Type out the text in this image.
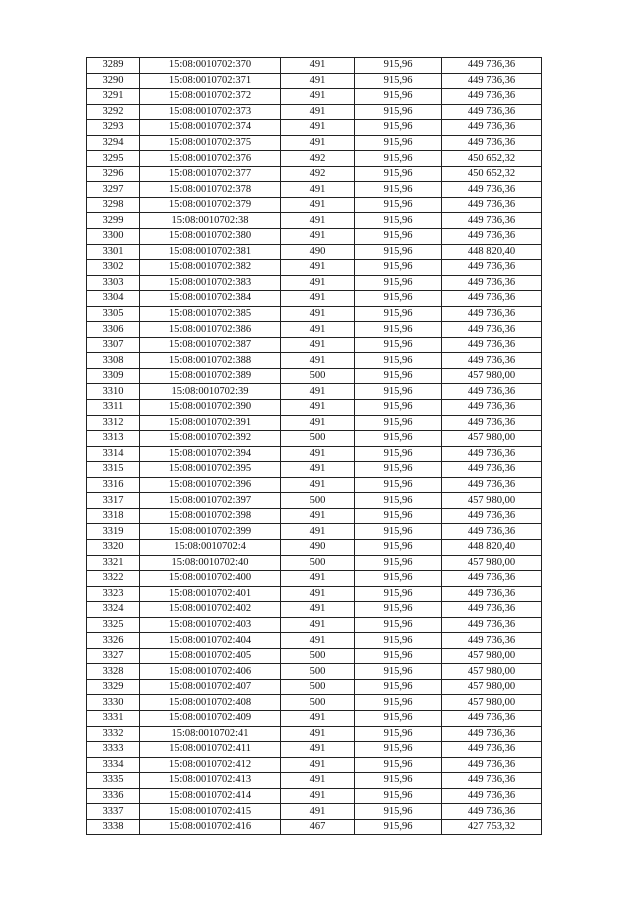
3289	15:08:0010702:370	491	915,96	449 736,36
3290	15:08:0010702:371	491	915,96	449 736,36
3291	15:08:0010702:372	491	915,96	449 736,36
3292	15:08:0010702:373	491	915,96	449 736,36
3293	15:08:0010702:374	491	915,96	449 736,36
3294	15:08:0010702:375	491	915,96	449 736,36
3295	15:08:0010702:376	492	915,96	450 652,32
3296	15:08:0010702:377	492	915,96	450 652,32
3297	15:08:0010702:378	491	915,96	449 736,36
3298	15:08:0010702:379	491	915,96	449 736,36
3299	15:08:0010702:38	491	915,96	449 736,36
3300	15:08:0010702:380	491	915,96	449 736,36
3301	15:08:0010702:381	490	915,96	448 820,40
3302	15:08:0010702:382	491	915,96	449 736,36
3303	15:08:0010702:383	491	915,96	449 736,36
3304	15:08:0010702:384	491	915,96	449 736,36
3305	15:08:0010702:385	491	915,96	449 736,36
3306	15:08:0010702:386	491	915,96	449 736,36
3307	15:08:0010702:387	491	915,96	449 736,36
3308	15:08:0010702:388	491	915,96	449 736,36
3309	15:08:0010702:389	500	915,96	457 980,00
3310	15:08:0010702:39	491	915,96	449 736,36
3311	15:08:0010702:390	491	915,96	449 736,36
3312	15:08:0010702:391	491	915,96	449 736,36
3313	15:08:0010702:392	500	915,96	457 980,00
3314	15:08:0010702:394	491	915,96	449 736,36
3315	15:08:0010702:395	491	915,96	449 736,36
3316	15:08:0010702:396	491	915,96	449 736,36
3317	15:08:0010702:397	500	915,96	457 980,00
3318	15:08:0010702:398	491	915,96	449 736,36
3319	15:08:0010702:399	491	915,96	449 736,36
3320	15:08:0010702:4	490	915,96	448 820,40
3321	15:08:0010702:40	500	915,96	457 980,00
3322	15:08:0010702:400	491	915,96	449 736,36
3323	15:08:0010702:401	491	915,96	449 736,36
3324	15:08:0010702:402	491	915,96	449 736,36
3325	15:08:0010702:403	491	915,96	449 736,36
3326	15:08:0010702:404	491	915,96	449 736,36
3327	15:08:0010702:405	500	915,96	457 980,00
3328	15:08:0010702:406	500	915,96	457 980,00
3329	15:08:0010702:407	500	915,96	457 980,00
3330	15:08:0010702:408	500	915,96	457 980,00
3331	15:08:0010702:409	491	915,96	449 736,36
3332	15:08:0010702:41	491	915,96	449 736,36
3333	15:08:0010702:411	491	915,96	449 736,36
3334	15:08:0010702:412	491	915,96	449 736,36
3335	15:08:0010702:413	491	915,96	449 736,36
3336	15:08:0010702:414	491	915,96	449 736,36
3337	15:08:0010702:415	491	915,96	449 736,36
3338	15:08:0010702:416	467	915,96	427 753,32
